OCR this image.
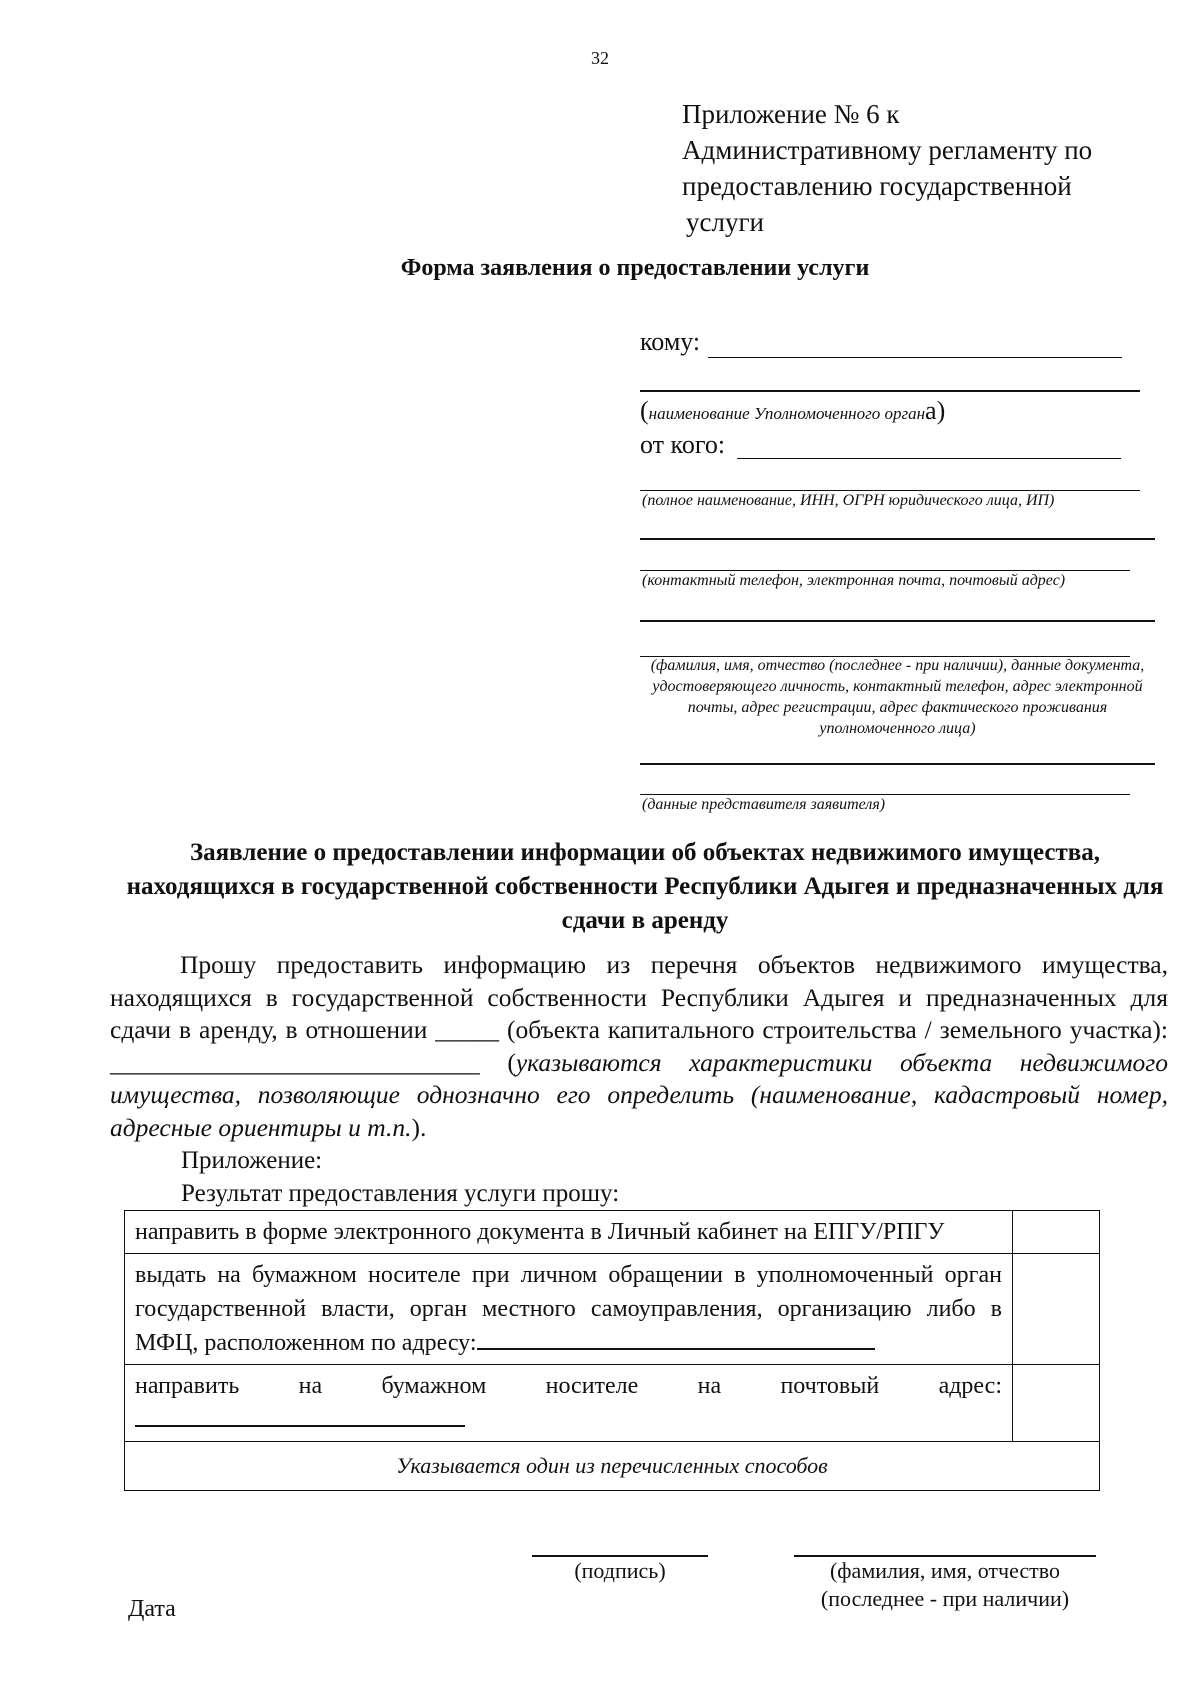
32
Приложение № 6 к
Административному регламенту по
предоставлению государственной
услуги
Форма заявления о предоставлении услуги
кому:
(наименование Уполномоченного органа)
от кого:
(полное наименование, ИНН, ОГРН юридического лица, ИП)
(контактный телефон, электронная почта, почтовый адрес)
(фамилия, имя, отчество (последнее - при наличии), данные документа, удостоверяющего личность, контактный телефон, адрес электронной почты, адрес регистрации, адрес фактического проживания уполномоченного лица)
(данные представителя заявителя)
Заявление о предоставлении информации об объектах недвижимого имущества, находящихся в государственной собственности Республики Адыгея и предназначенных для сдачи в аренду
Прошу предоставить информацию из перечня объектов недвижимого имущества, находящихся в государственной собственности Республики Адыгея и предназначенных для сдачи в аренду, в отношении _____ (объекта капитального строительства / земельного участка): _____________________________ (указываются характеристики объекта недвижимого имущества, позволяющие однозначно его определить (наименование, кадастровый номер, адресные ориентиры и т.п.).
Приложение:
Результат предоставления услуги прошу:
направить в форме электронного документа в Личный кабинет на ЕПГУ/РПГУ	
выдать на бумажном носителе при личном обращении в уполномоченный орган государственной власти, орган местного самоуправления, организацию либо в МФЦ, расположенном по адресу:	

направить на бумажном носителе на почтовый адрес:	

Указывается один из перечисленных способов	
(подпись)	(фамилия, имя, отчество
(последнее - при наличии)
Дата
